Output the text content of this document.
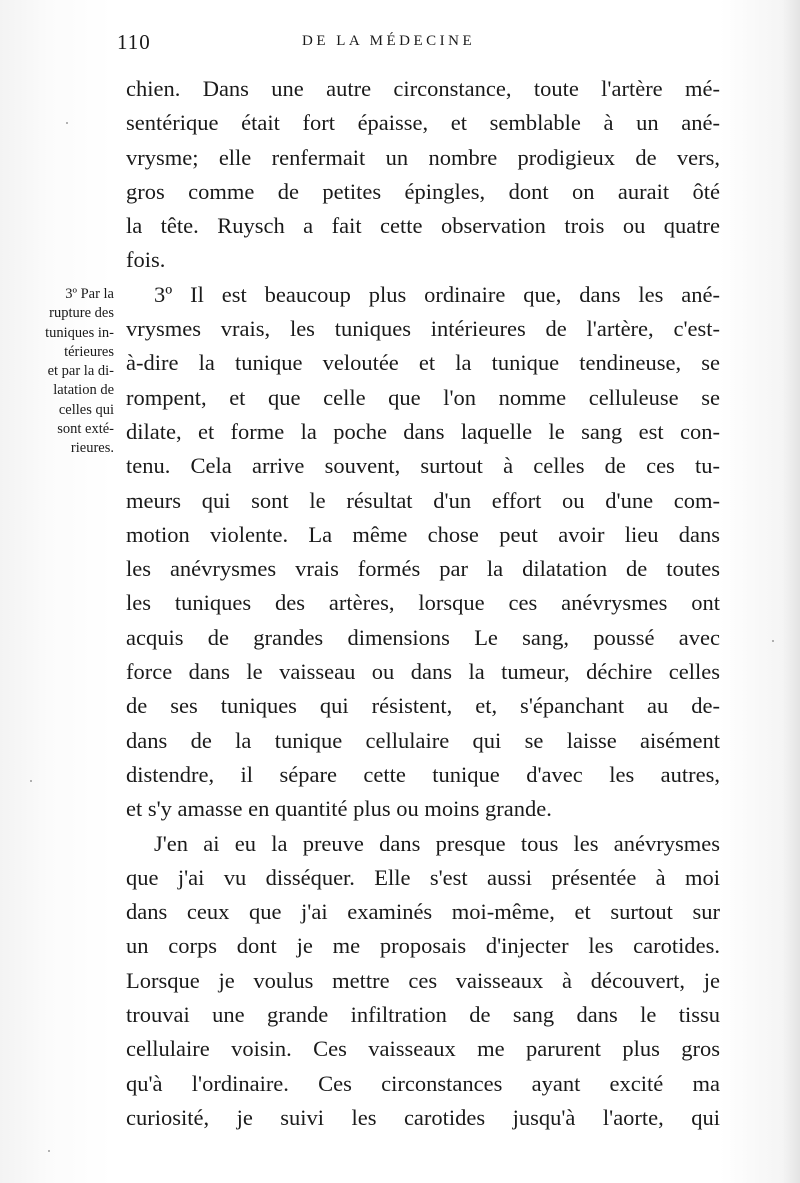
110	DE LA MÉDECINE
3º Par la
rupture des
tuniques in-
térieures
et par la di-
latation de
celles qui
sont exté-
rieures.
chien. Dans une autre circonstance, toute l'artère mé-
sentérique était fort épaisse, et semblable à un ané-
vrysme; elle renfermait un nombre prodigieux de vers,
gros comme de petites épingles, dont on aurait ôté
la tête. Ruysch a fait cette observation trois ou quatre
fois.
3º Il est beaucoup plus ordinaire que, dans les ané-
vrysmes vrais, les tuniques intérieures de l'artère, c'est-
à-dire la tunique veloutée et la tunique tendineuse, se
rompent, et que celle que l'on nomme celluleuse se
dilate, et forme la poche dans laquelle le sang est con-
tenu. Cela arrive souvent, surtout à celles de ces tu-
meurs qui sont le résultat d'un effort ou d'une com-
motion violente. La même chose peut avoir lieu dans
les anévrysmes vrais formés par la dilatation de toutes
les tuniques des artères, lorsque ces anévrysmes ont
acquis de grandes dimensions Le sang, poussé avec
force dans le vaisseau ou dans la tumeur, déchire celles
de ses tuniques qui résistent, et, s'épanchant au de-
dans de la tunique cellulaire qui se laisse aisément
distendre, il sépare cette tunique d'avec les autres,
et s'y amasse en quantité plus ou moins grande.
J'en ai eu la preuve dans presque tous les anévrysmes
que j'ai vu disséquer. Elle s'est aussi présentée à moi
dans ceux que j'ai examinés moi-même, et surtout sur
un corps dont je me proposais d'injecter les carotides.
Lorsque je voulus mettre ces vaisseaux à découvert, je
trouvai une grande infiltration de sang dans le tissu
cellulaire voisin. Ces vaisseaux me parurent plus gros
qu'à l'ordinaire. Ces circonstances ayant excité ma
curiosité, je suivi les carotides jusqu'à l'aorte, qui
